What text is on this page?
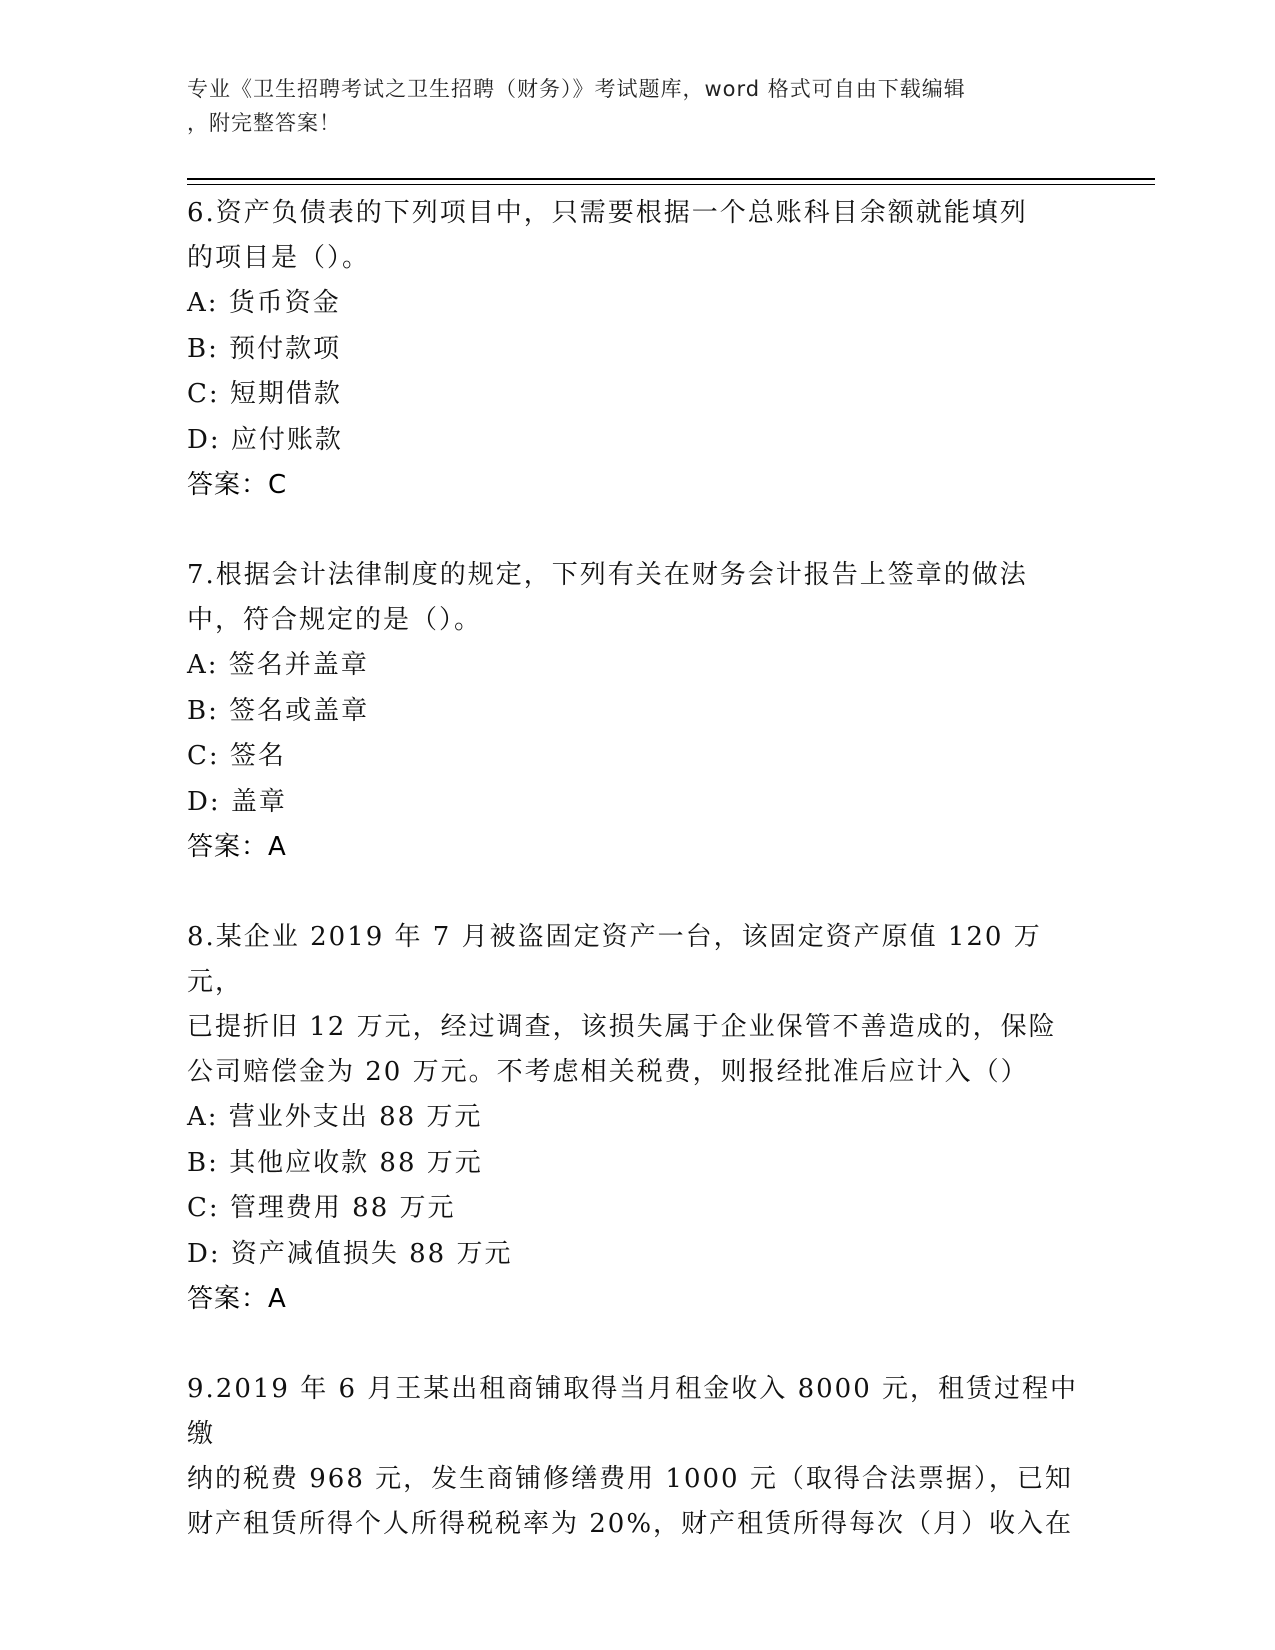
专业《卫生招聘考试之卫生招聘（财务）》考试题库，word 格式可自由下载编辑

，附完整答案！

6.资产负债表的下列项目中，只需要根据一个总账科目余额就能填列

的项目是（）。

A: 货币资金

B: 预付款项

C: 短期借款

D: 应付账款

答案：C

7.根据会计法律制度的规定，下列有关在财务会计报告上签章的做法

中，符合规定的是（）。

A: 签名并盖章

B: 签名或盖章

C: 签名

D: 盖章

答案：A

8.某企业 2019 年 7 月被盗固定资产一台，该固定资产原值 120 万元，

已提折旧 12 万元，经过调查，该损失属于企业保管不善造成的，保险

公司赔偿金为 20 万元。不考虑相关税费，则报经批准后应计入（）

A: 营业外支出 88 万元

B: 其他应收款 88 万元

C: 管理费用 88 万元

D: 资产减值损失 88 万元

答案：A

9.2019 年 6 月王某出租商铺取得当月租金收入 8000 元，租赁过程中缴

纳的税费 968 元，发生商铺修缮费用 1000 元（取得合法票据），已知

财产租赁所得个人所得税税率为 20%，财产租赁所得每次（月）收入在
